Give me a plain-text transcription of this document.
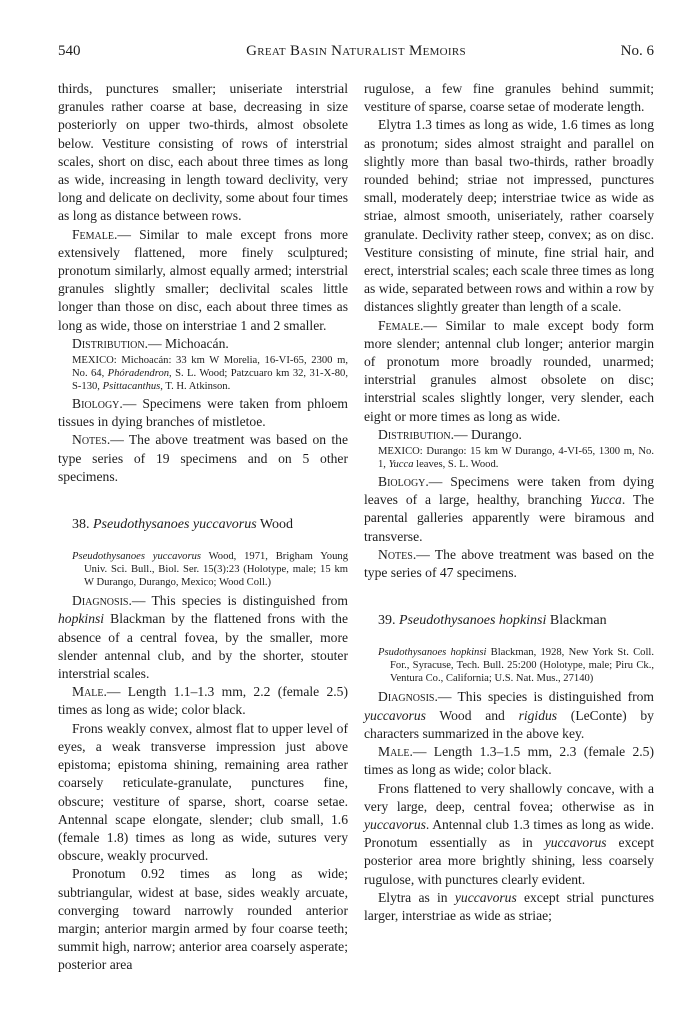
540	Great Basin Naturalist Memoirs	No. 6

thirds, punctures smaller; uniseriate interstrial granules rather coarse at base, decreasing in size posteriorly on upper two-thirds, almost obsolete below. Vestiture consisting of rows of interstrial scales, short on disc, each about three times as long as wide, increasing in length toward declivity, very long and delicate on declivity, some about four times as long as distance between rows.

Female.— Similar to male except frons more extensively flattened, more finely sculptured; pronotum similarly, almost equally armed; interstrial granules slightly smaller; declivital scales little longer than those on disc, each about three times as long as wide, those on interstriae 1 and 2 smaller.

Distribution.— Michoacán.

MEXICO: Michoacán: 33 km W Morelia, 16-VI-65, 2300 m, No. 64, Phóradendron, S. L. Wood; Patzcuaro km 32, 31-X-80, S-130, Psittacanthus, T. H. Atkinson.

Biology.— Specimens were taken from phloem tissues in dying branches of mistletoe.

Notes.— The above treatment was based on the type series of 19 specimens and on 5 other specimens.

38. Pseudothysanoes yuccavorus Wood

Pseudothysanoes yuccavorus Wood, 1971, Brigham Young Univ. Sci. Bull., Biol. Ser. 15(3):23 (Holotype, male; 15 km W Durango, Durango, Mexico; Wood Coll.)

Diagnosis.— This species is distinguished from hopkinsi Blackman by the flattened frons with the absence of a central fovea, by the smaller, more slender antennal club, and by the shorter, stouter interstrial scales.

Male.— Length 1.1–1.3 mm, 2.2 (female 2.5) times as long as wide; color black.

Frons weakly convex, almost flat to upper level of eyes, a weak transverse impression just above epistoma; epistoma shining, remaining area rather coarsely reticulate-granulate, punctures fine, obscure; vestiture of sparse, short, coarse setae. Antennal scape elongate, slender; club small, 1.6 (female 1.8) times as long as wide, sutures very obscure, weakly procurved.

Pronotum 0.92 times as long as wide; subtriangular, widest at base, sides weakly arcuate, converging toward narrowly rounded anterior margin; anterior margin armed by four coarse teeth; summit high, narrow; anterior area coarsely asperate; posterior area

rugulose, a few fine granules behind summit; vestiture of sparse, coarse setae of moderate length.

Elytra 1.3 times as long as wide, 1.6 times as long as pronotum; sides almost straight and parallel on slightly more than basal two-thirds, rather broadly rounded behind; striae not impressed, punctures small, moderately deep; interstriae twice as wide as striae, almost smooth, uniseriately, rather coarsely granulate. Declivity rather steep, convex; as on disc. Vestiture consisting of minute, fine strial hair, and erect, interstrial scales; each scale three times as long as wide, separated between rows and within a row by distances slightly greater than length of a scale.

Female.— Similar to male except body form more slender; antennal club longer; anterior margin of pronotum more broadly rounded, unarmed; interstrial granules almost obsolete on disc; interstrial scales slightly longer, very slender, each eight or more times as long as wide.

Distribution.— Durango.

MEXICO: Durango: 15 km W Durango, 4-VI-65, 1300 m, No. 1, Yucca leaves, S. L. Wood.

Biology.— Specimens were taken from dying leaves of a large, healthy, branching Yucca. The parental galleries apparently were biramous and transverse.

Notes.— The above treatment was based on the type series of 47 specimens.

39. Pseudothysanoes hopkinsi Blackman

Psudothysanoes hopkinsi Blackman, 1928, New York St. Coll. For., Syracuse, Tech. Bull. 25:200 (Holotype, male; Piru Ck., Ventura Co., California; U.S. Nat. Mus., 27140)

Diagnosis.— This species is distinguished from yuccavorus Wood and rigidus (LeConte) by characters summarized in the above key.

Male.— Length 1.3–1.5 mm, 2.3 (female 2.5) times as long as wide; color black.

Frons flattened to very shallowly concave, with a very large, deep, central fovea; otherwise as in yuccavorus. Antennal club 1.3 times as long as wide. Pronotum essentially as in yuccavorus except posterior area more brightly shining, less coarsely rugulose, with punctures clearly evident.

Elytra as in yuccavorus except strial punctures larger, interstriae as wide as striae;
